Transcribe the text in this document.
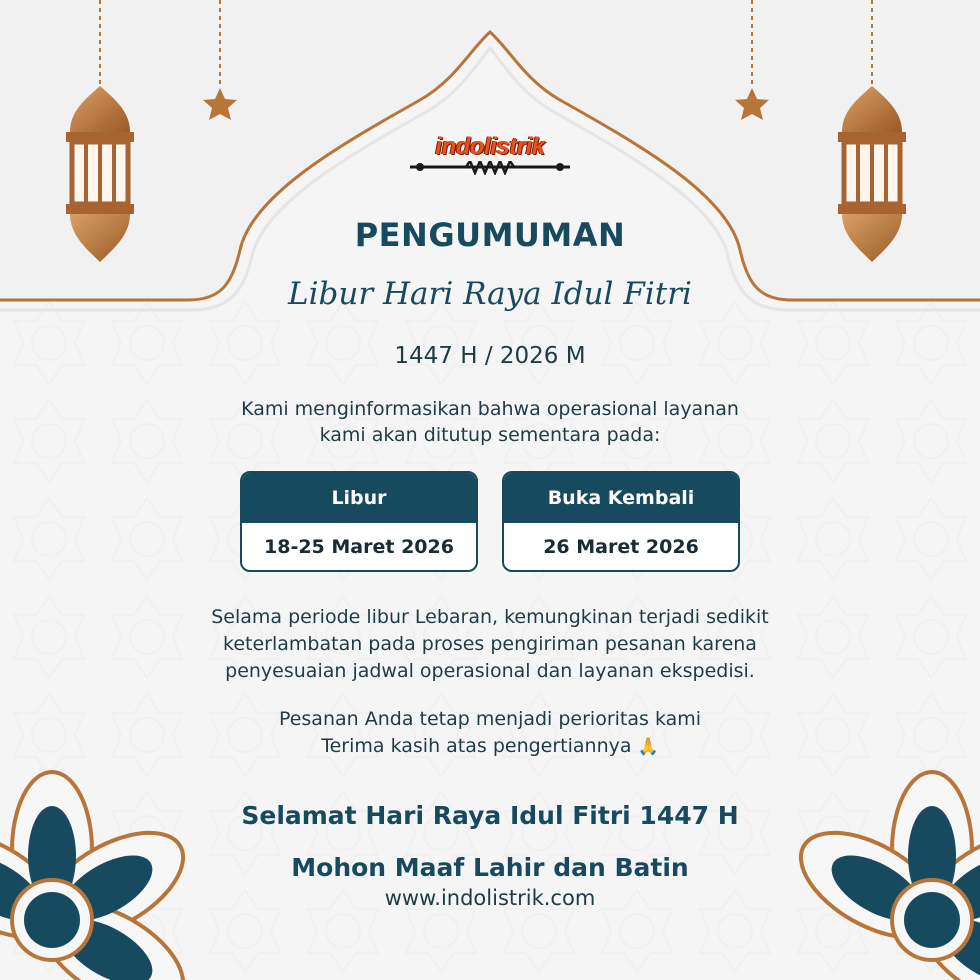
indolistrik
PENGUMUMAN
Libur Hari Raya Idul Fitri
1447 H / 2026 M
Kami menginformasikan bahwa operasional layanan
kami akan ditutup sementara pada:
Libur
18-25 Maret 2026
Buka Kembali
26 Maret 2026
Selama periode libur Lebaran, kemungkinan terjadi sedikit
keterlambatan pada proses pengiriman pesanan karena
penyesuaian jadwal operasional dan layanan ekspedisi.
Pesanan Anda tetap menjadi perioritas kami
Terima kasih atas pengertiannya 🙏
Selamat Hari Raya Idul Fitri 1447 H
Mohon Maaf Lahir dan Batin
www.indolistrik.com
